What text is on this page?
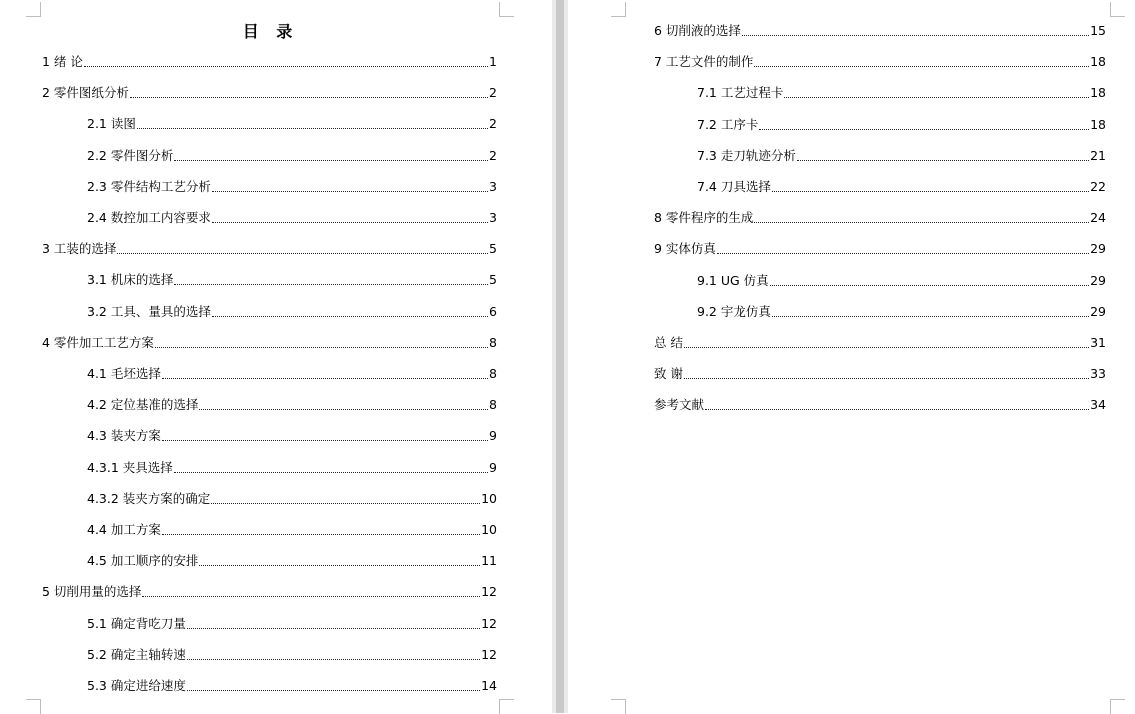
目 录
1 绪 论	1
2 零件图纸分析	2
2.1 读图	2
2.2 零件图分析	2
2.3 零件结构工艺分析	3
2.4 数控加工内容要求	3
3 工装的选择	5
3.1 机床的选择	5
3.2 工具、量具的选择	6
4 零件加工工艺方案	8
4.1 毛坯选择	8
4.2 定位基准的选择	8
4.3 装夹方案	9
4.3.1 夹具选择	9
4.3.2 装夹方案的确定	10
4.4 加工方案	10
4.5 加工顺序的安排	11
5 切削用量的选择	12
5.1 确定背吃刀量	12
5.2 确定主轴转速	12
5.3 确定进给速度	14
6 切削液的选择	15
7 工艺文件的制作	18
7.1 工艺过程卡	18
7.2 工序卡	18
7.3 走刀轨迹分析	21
7.4 刀具选择	22
8 零件程序的生成	24
9 实体仿真	29
9.1 UG 仿真	29
9.2 宇龙仿真	29
总 结	31
致 谢	33
参考文献	34
